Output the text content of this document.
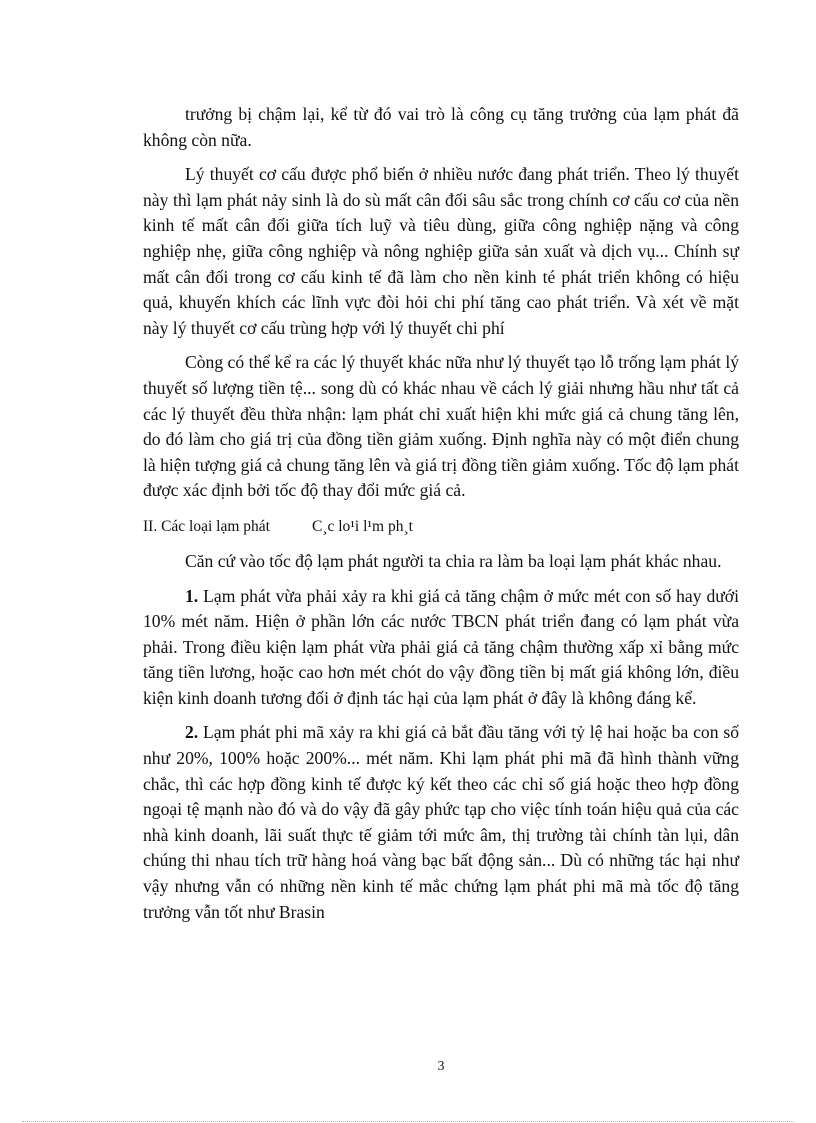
trưởng bị chậm lại, kể từ đó vai trò là công cụ tăng trưởng của lạm phát đã không còn nữa.

Lý thuyết cơ cấu được phổ biến ở nhiều nước đang phát triển. Theo lý thuyết này thì lạm phát nảy sinh là do sù mất cân đối sâu sắc trong chính cơ cấu cơ của nền kinh tế mất cân đối giữa tích luỹ và tiêu dùng, giữa công nghiệp nặng và công nghiệp nhẹ, giữa công nghiệp và nông nghiệp giữa sản xuất và dịch vụ... Chính sự mất cân đối trong cơ cấu kinh tế đã làm cho nền kinh té phát triển không có hiệu quả, khuyến khích các lĩnh vực đòi hỏi chi phí tăng cao phát triển. Và xét về mặt này lý thuyết cơ cấu trùng hợp với lý thuyết chi phí

Còng có thể kể ra các lý thuyết khác nữa như lý thuyết tạo lỗ trống lạm phát lý thuyết số lượng tiền tệ... song dù có khác nhau về cách lý giải nhưng hầu như tất cả các lý thuyết đều thừa nhận: lạm phát chỉ xuất hiện khi mức giá cả chung tăng lên, do đó làm cho giá trị của đồng tiền giảm xuống. Định nghĩa này có một điển chung là hiện tượng giá cả chung tăng lên và giá trị đồng tiền giảm xuống. Tốc độ lạm phát được xác định bởi tốc độ thay đổi mức giá cả.

II. Các loại lạm phát	C¸c lo¹i l¹m ph¸t

Căn cứ vào tốc độ lạm phát người ta chia ra làm ba loại lạm phát khác nhau.

1. Lạm phát vừa phải xảy ra khi giá cả tăng chậm ở mức mét con số hay dưới 10% mét năm. Hiện ở phần lớn các nước TBCN phát triển đang có lạm phát vừa phải. Trong điều kiện lạm phát vừa phải giá cả tăng chậm thường xấp xỉ bằng mức tăng tiền lương, hoặc cao hơn mét chót do vậy đồng tiền bị mất giá không lớn, điều kiện kinh doanh tương đối ở định tác hại của lạm phát ở đây là không đáng kể.

2. Lạm phát phi mã xảy ra khi giá cả bắt đầu tăng với tỷ lệ hai hoặc ba con số như 20%, 100% hoặc 200%... mét năm. Khi lạm phát phi mã đã hình thành vững chắc, thì các hợp đồng kinh tế được ký kết theo các chỉ số giá hoặc theo hợp đồng ngoại tệ mạnh nào đó và do vậy đã gây phức tạp cho việc tính toán hiệu quả của các nhà kinh doanh, lãi suất thực tế giảm tới mức âm, thị trường tài chính tàn lụi, dân chúng thi nhau tích trữ hàng hoá vàng bạc bất động sản... Dù có những tác hại như vậy nhưng vẫn có những nền kinh tế mắc chứng lạm phát phi mã mà tốc độ tăng trưởng vẫn tốt như Brasin

3
